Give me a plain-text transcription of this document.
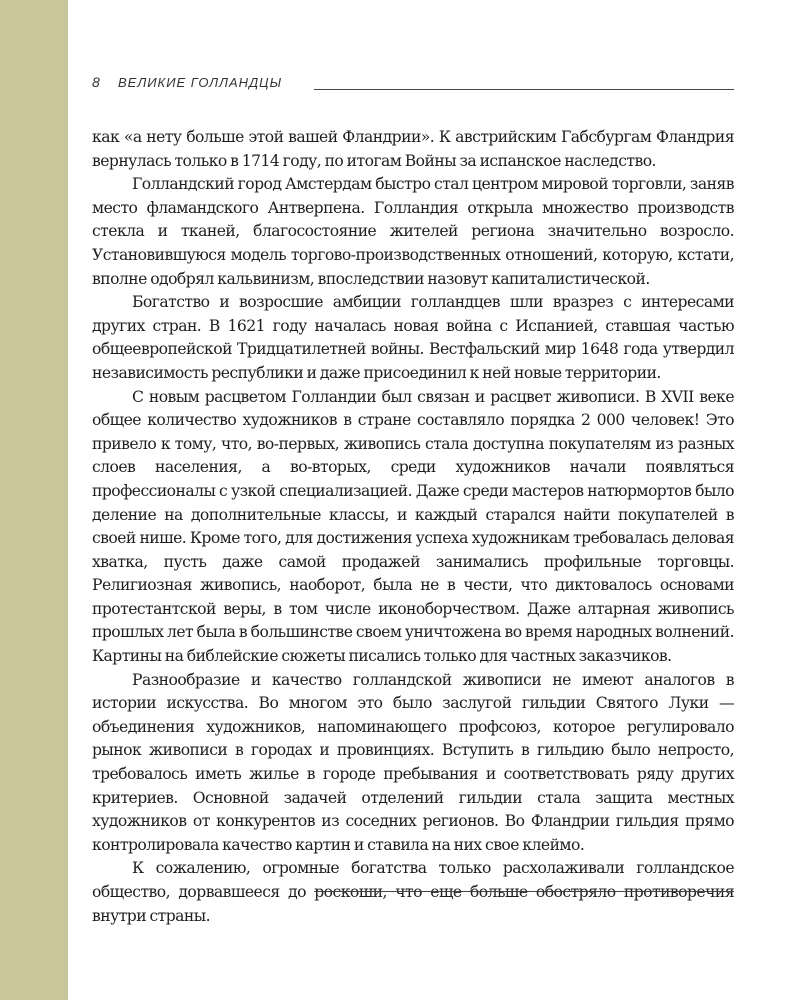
8 ВЕЛИКИЕ ГОЛЛАНДЦЫ

как «а нету больше этой вашей Фландрии». К австрийским Габсбургам Фландрия вернулась только в 1714 году, по итогам Войны за испанское наследство.

Голландский город Амстердам быстро стал центром мировой торговли, заняв место фламандского Антверпена. Голландия открыла множество производств стекла и тканей, благосостояние жителей региона значительно возросло. Установившуюся модель торгово-производственных отношений, которую, кстати, вполне одобрял кальвинизм, впоследствии назовут капиталистической.

Богатство и возросшие амбиции голландцев шли вразрез с интересами других стран. В 1621 году началась новая война с Испанией, ставшая частью общеевропейской Тридцатилетней войны. Вестфальский мир 1648 года утвердил независимость республики и даже присоединил к ней новые территории.

С новым расцветом Голландии был связан и расцвет живописи. В XVII веке общее количество художников в стране составляло порядка 2 000 человек! Это привело к тому, что, во-первых, живопись стала доступна покупателям из разных слоев населения, а во-вторых, среди художников начали появляться профессионалы с узкой специализацией. Даже среди мастеров натюрмортов было деление на дополнительные классы, и каждый старался найти покупателей в своей нише. Кроме того, для достижения успеха художникам требовалась деловая хватка, пусть даже самой продажей занимались профильные торговцы. Религиозная живопись, наоборот, была не в чести, что диктовалось основами протестантской веры, в том числе иконоборчеством. Даже алтарная живопись прошлых лет была в большинстве своем уничтожена во время народных волнений. Картины на библейские сюжеты писались только для частных заказчиков.

Разнообразие и качество голландской живописи не имеют аналогов в истории искусства. Во многом это было заслугой гильдии Святого Луки — объединения художников, напоминающего профсоюз, которое регулировало рынок живописи в городах и провинциях. Вступить в гильдию было непросто, требовалось иметь жилье в городе пребывания и соответствовать ряду других критериев. Основной задачей отделений гильдии стала защита местных художников от конкурентов из соседних регионов. Во Фландрии гильдия прямо контролировала качество картин и ставила на них свое клеймо.

К сожалению, огромные богатства только расхолаживали голландское общество, дорвавшееся до роскоши, что еще больше обостряло противоречия внутри страны.
